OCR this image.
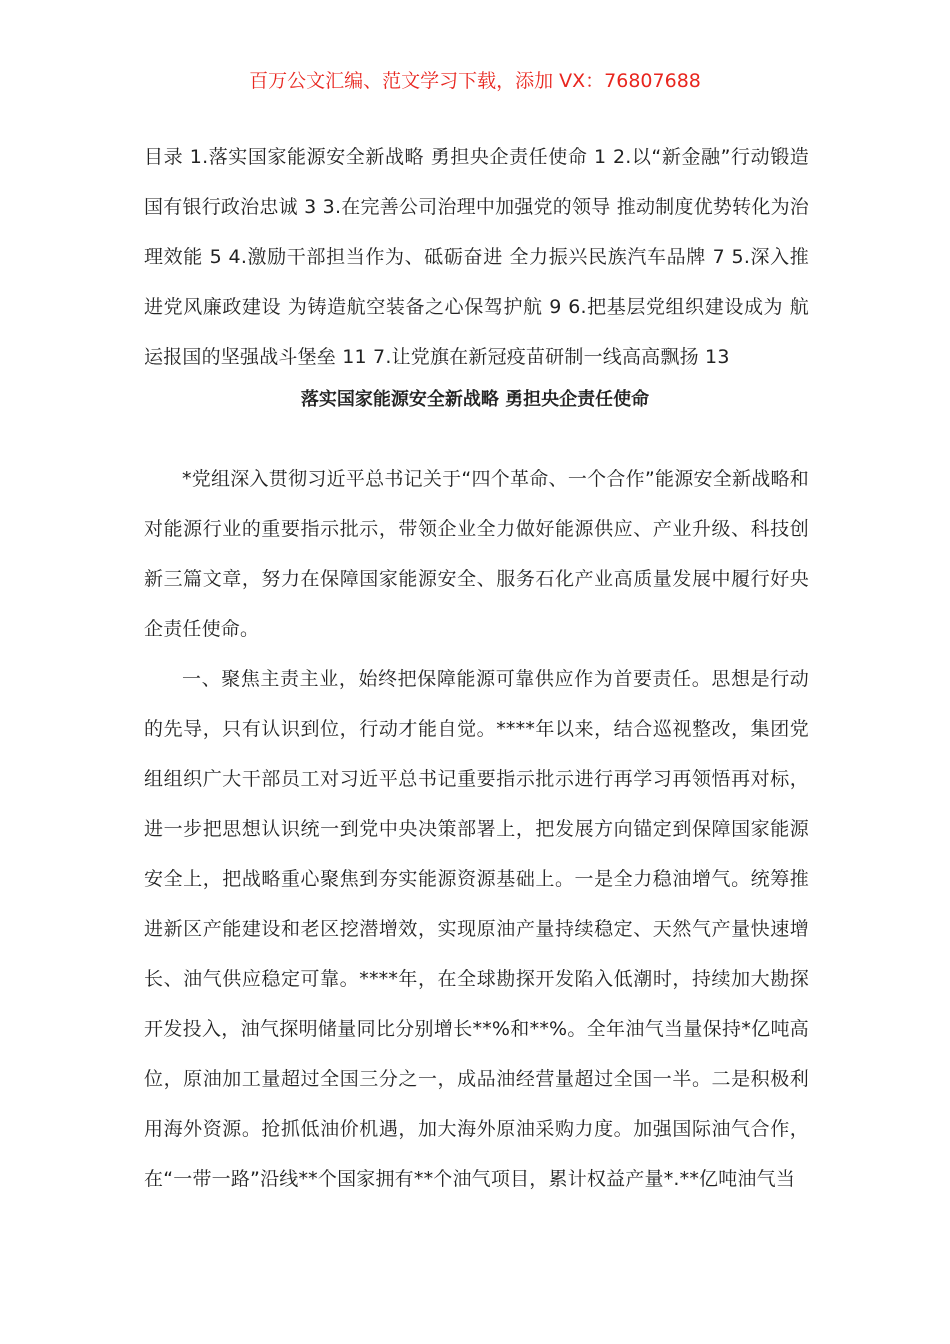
百万公文汇编、范文学习下载，添加 VX：76807688
目录 1.落实国家能源安全新战略 勇担央企责任使命 1 2.以“新金融”行动锻造国有银行政治忠诚 3 3.在完善公司治理中加强党的领导 推动制度优势转化为治理效能 5 4.激励干部担当作为、砥砺奋进 全力振兴民族汽车品牌 7 5.深入推进党风廉政建设 为铸造航空装备之心保驾护航 9 6.把基层党组织建设成为 航运报国的坚强战斗堡垒 11 7.让党旗在新冠疫苗研制一线高高飘扬 13
落实国家能源安全新战略 勇担央企责任使命

*党组深入贯彻习近平总书记关于“四个革命、一个合作”能源安全新战略和对能源行业的重要指示批示，带领企业全力做好能源供应、产业升级、科技创新三篇文章，努力在保障国家能源安全、服务石化产业高质量发展中履行好央企责任使命。

一、聚焦主责主业，始终把保障能源可靠供应作为首要责任。思想是行动的先导，只有认识到位，行动才能自觉。****年以来，结合巡视整改，集团党组组织广大干部员工对习近平总书记重要指示批示进行再学习再领悟再对标，进一步把思想认识统一到党中央决策部署上，把发展方向锚定到保障国家能源安全上，把战略重心聚焦到夯实能源资源基础上。一是全力稳油增气。统筹推进新区产能建设和老区挖潜增效，实现原油产量持续稳定、天然气产量快速增长、油气供应稳定可靠。****年，在全球勘探开发陷入低潮时，持续加大勘探开发投入，油气探明储量同比分别增长**%和**%。全年油气当量保持*亿吨高位，原油加工量超过全国三分之一，成品油经营量超过全国一半。二是积极利用海外资源。抢抓低油价机遇，加大海外原油采购力度。加强国际油气合作，在“一带一路”沿线**个国家拥有**个油气项目，累计权益产量*.**亿吨油气当
